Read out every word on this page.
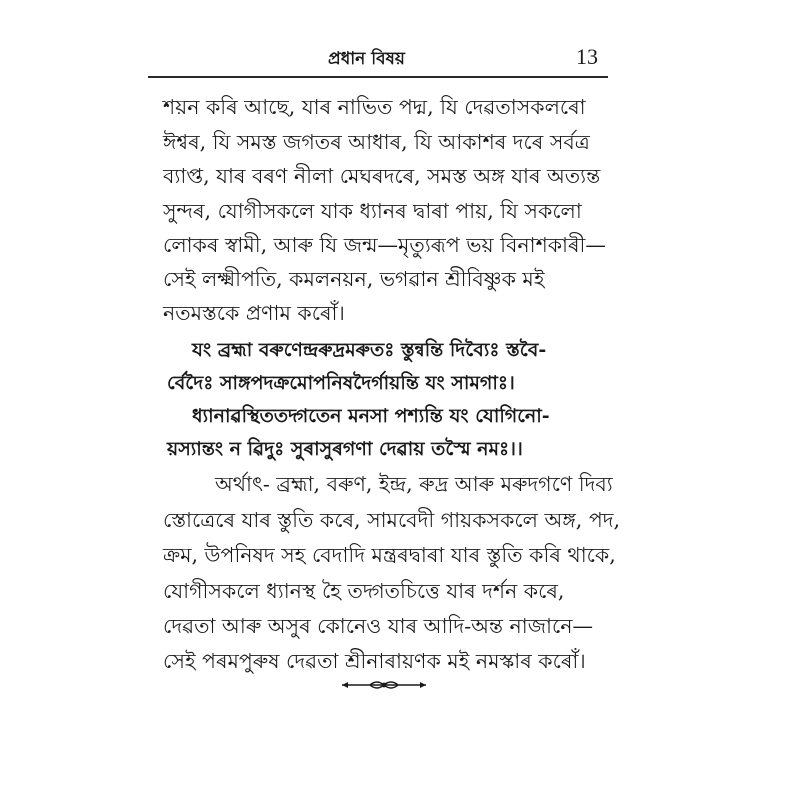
প্ৰধান বিষয়	13
শয়ন কৰি আছে, যাৰ নাভিত পদ্ম, যি দেৱতাসকলৰো
ঈশ্বৰ, যি সমস্ত জগতৰ আধাৰ, যি আকাশৰ দৰে সৰ্বত্ৰ
ব্যাপ্ত, যাৰ বৰণ নীলা মেঘৰদৰে, সমস্ত অঙ্গ যাৰ অত্যন্ত
সুন্দৰ, যোগীসকলে যাক ধ্যানৰ দ্বাৰা পায়, যি সকলো
লোকৰ স্বামী, আৰু যি জন্ম—মৃত্যুৰূপ ভয় বিনাশকাৰী—
সেই লক্ষ্মীপতি, কমলনয়ন, ভগৱান শ্ৰীবিষ্ণুক মই
নতমস্তকে প্ৰণাম কৰোঁ।
যং ব্ৰহ্মা বৰুণেন্দ্ৰৰুদ্ৰমৰুতঃ স্তুন্বন্তি দিব্যৈঃ স্তবৈ-
ৰ্বেদৈঃ সাঙ্গপদক্ৰমোপনিষদৈৰ্গায়ন্তি যং সামগাঃ।
ধ্যানাৱস্থিততদ্গতেন মনসা পশ্যন্তি যং যোগিনো-
য়স্যান্তং ন ৱিদুঃ সুৰাসুৰগণা দেৱায় তস্মৈ নমঃ।।
অৰ্থাৎ- ব্ৰহ্মা, বৰুণ, ইন্দ্ৰ, ৰুদ্ৰ আৰু মৰুদগণে দিব্য
স্তোত্ৰেৰে যাৰ স্তুতি কৰে, সামবেদী গায়কসকলে অঙ্গ, পদ,
ক্ৰম, উপনিষদ সহ বেদাদি মন্ত্ৰৰদ্বাৰা যাৰ স্তুতি কৰি থাকে,
যোগীসকলে ধ্যানস্থ হৈ তদ্গতচিত্তে যাৰ দৰ্শন কৰে,
দেৱতা আৰু অসুৰ কোনেও যাৰ আদি-অন্ত নাজানে—
সেই পৰমপুৰুষ দেৱতা শ্ৰীনাৰায়ণক মই নমস্কাৰ কৰোঁ।
